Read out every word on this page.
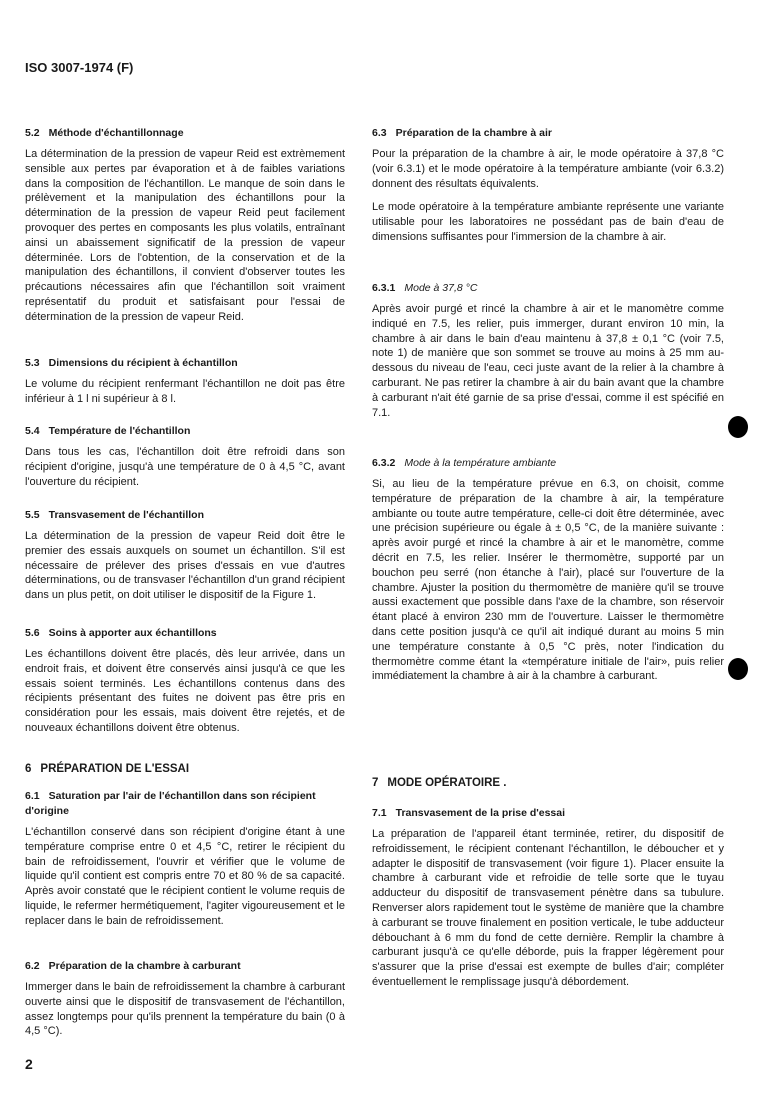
ISO 3007-1974 (F)
5.2 Méthode d'échantillonnage

La détermination de la pression de vapeur Reid est extrèmement sensible aux pertes par évaporation et à de faibles variations dans la composition de l'échantillon. Le manque de soin dans le prélèvement et la manipulation des échantillons pour la détermination de la pression de vapeur Reid peut facilement provoquer des pertes en composants les plus volatils, entraînant ainsi un abaissement significatif de la pression de vapeur déterminée. Lors de l'obtention, de la conservation et de la manipulation des échantillons, il convient d'observer toutes les précautions nécessaires afin que l'échantillon soit vraiment représentatif du produit et satisfaisant pour l'essai de détermination de la pression de vapeur Reid.

5.3 Dimensions du récipient à échantillon

Le volume du récipient renfermant l'échantillon ne doit pas être inférieur à 1 l ni supérieur à 8 l.

5.4 Température de l'échantillon

Dans tous les cas, l'échantillon doit être refroidi dans son récipient d'origine, jusqu'à une température de 0 à 4,5 °C, avant l'ouverture du récipient.

5.5 Transvasement de l'échantillon

La détermination de la pression de vapeur Reid doit être le premier des essais auxquels on soumet un échantillon. S'il est nécessaire de prélever des prises d'essais en vue d'autres déterminations, ou de transvaser l'échantillon d'un grand récipient dans un plus petit, on doit utiliser le dispositif de la Figure 1.

5.6 Soins à apporter aux échantillons

Les échantillons doivent être placés, dès leur arrivée, dans un endroit frais, et doivent être conservés ainsi jusqu'à ce que les essais soient terminés. Les échantillons contenus dans des récipients présentant des fuites ne doivent pas être pris en considération pour les essais, mais doivent être rejetés, et de nouveaux échantillons doivent être obtenus.

6 PRÉPARATION DE L'ESSAI
6.1 Saturation par l'air de l'échantillon dans son récipient d'origine

L'échantillon conservé dans son récipient d'origine étant à une température comprise entre 0 et 4,5 °C, retirer le récipient du bain de refroidissement, l'ouvrir et vérifier que le volume de liquide qu'il contient est compris entre 70 et 80 % de sa capacité. Après avoir constaté que le récipient contient le volume requis de liquide, le refermer hermétiquement, l'agiter vigoureusement et le replacer dans le bain de refroidissement.

6.2 Préparation de la chambre à carburant

Immerger dans le bain de refroidissement la chambre à carburant ouverte ainsi que le dispositif de transvasement de l'échantillon, assez longtemps pour qu'ils prennent la température du bain (0 à 4,5 °C).

6.3 Préparation de la chambre à air

Pour la préparation de la chambre à air, le mode opératoire à 37,8 °C (voir 6.3.1) et le mode opératoire à la température ambiante (voir 6.3.2) donnent des résultats équivalents.

Le mode opératoire à la température ambiante représente une variante utilisable pour les laboratoires ne possédant pas de bain d'eau de dimensions suffisantes pour l'immersion de la chambre à air.

6.3.1 Mode à 37,8 °C

Après avoir purgé et rincé la chambre à air et le manomètre comme indiqué en 7.5, les relier, puis immerger, durant environ 10 min, la chambre à air dans le bain d'eau maintenu à 37,8 ± 0,1 °C (voir 7.5, note 1) de manière que son sommet se trouve au moins à 25 mm au-dessous du niveau de l'eau, ceci juste avant de la relier à la chambre à carburant. Ne pas retirer la chambre à air du bain avant que la chambre à carburant n'ait été garnie de sa prise d'essai, comme il est spécifié en 7.1.

6.3.2 Mode à la température ambiante

Si, au lieu de la température prévue en 6.3, on choisit, comme température de préparation de la chambre à air, la température ambiante ou toute autre température, celle-ci doit être déterminée, avec une précision supérieure ou égale à ± 0,5 °C, de la manière suivante : après avoir purgé et rincé la chambre à air et le manomètre, comme décrit en 7.5, les relier. Insérer le thermomètre, supporté par un bouchon peu serré (non étanche à l'air), placé sur l'ouverture de la chambre. Ajuster la position du thermomètre de manière qu'il se trouve aussi exactement que possible dans l'axe de la chambre, son réservoir étant placé à environ 230 mm de l'ouverture. Laisser le thermomètre dans cette position jusqu'à ce qu'il ait indiqué durant au moins 5 min une température constante à 0,5 °C près, noter l'indication du thermomètre comme étant la «température initiale de l'air», puis relier immédiatement la chambre à air à la chambre à carburant.

7 MODE OPÉRATOIRE .
7.1 Transvasement de la prise d'essai

La préparation de l'appareil étant terminée, retirer, du dispositif de refroidissement, le récipient contenant l'échantillon, le déboucher et y adapter le dispositif de transvasement (voir figure 1). Placer ensuite la chambre à carburant vide et refroidie de telle sorte que le tuyau adducteur du dispositif de transvasement pénètre dans sa tubulure. Renverser alors rapidement tout le système de manière que la chambre à carburant se trouve finalement en position verticale, le tube adducteur débouchant à 6 mm du fond de cette dernière. Remplir la chambre à carburant jusqu'à ce qu'elle déborde, puis la frapper légèrement pour s'assurer que la prise d'essai est exempte de bulles d'air; compléter éventuellement le remplissage jusqu'à débordement.

2
